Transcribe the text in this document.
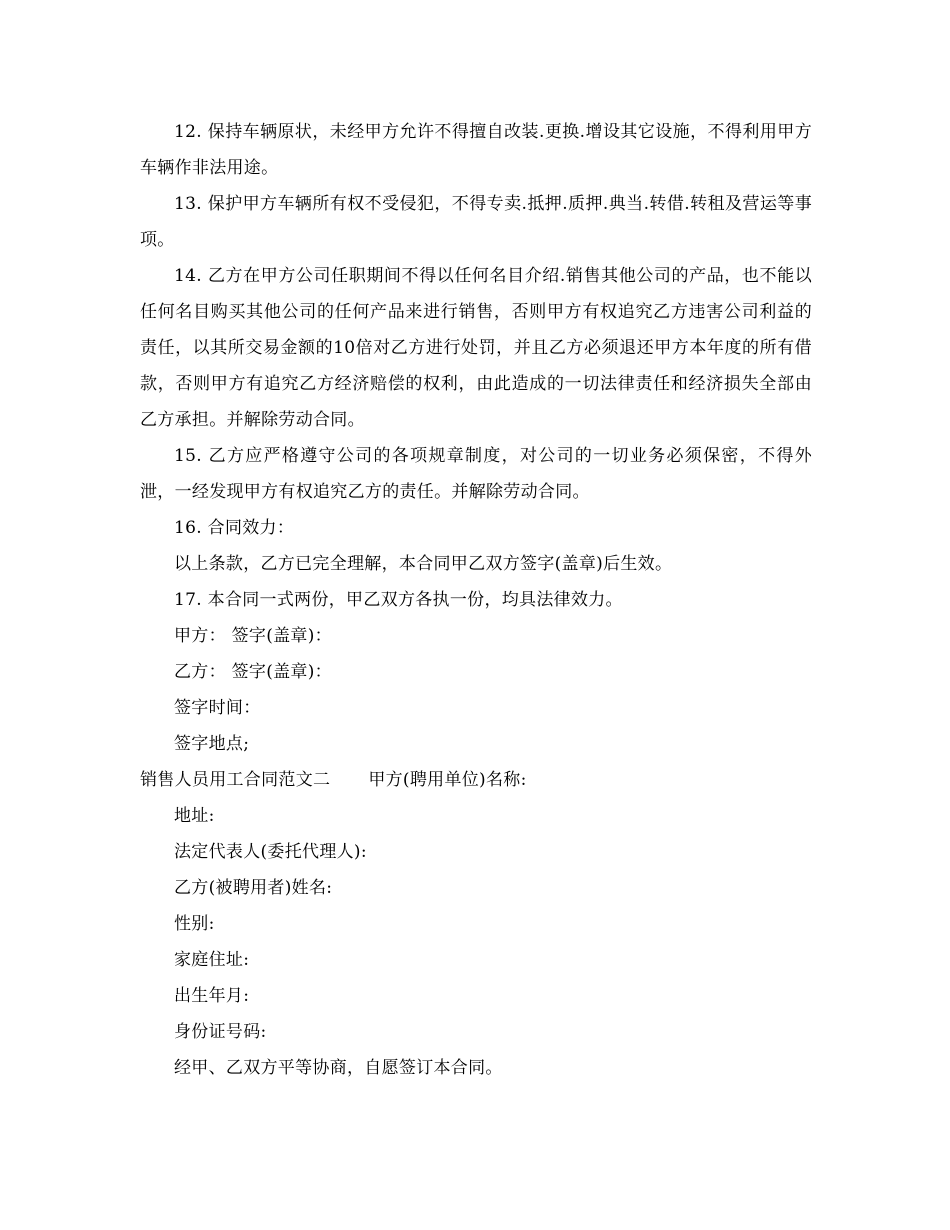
12. 保持车辆原状，未经甲方允许不得擅自改装.更换.增设其它设施，不得利用甲方车辆作非法用途。

13. 保护甲方车辆所有权不受侵犯，不得专卖.抵押.质押.典当.转借.转租及营运等事项。

14. 乙方在甲方公司任职期间不得以任何名目介绍.销售其他公司的产品，也不能以任何名目购买其他公司的任何产品来进行销售，否则甲方有权追究乙方违害公司利益的责任，以其所交易金额的10倍对乙方进行处罚，并且乙方必须退还甲方本年度的所有借款，否则甲方有追究乙方经济赔偿的权利，由此造成的一切法律责任和经济损失全部由乙方承担。并解除劳动合同。

15. 乙方应严格遵守公司的各项规章制度，对公司的一切业务必须保密，不得外泄，一经发现甲方有权追究乙方的责任。并解除劳动合同。

16. 合同效力：

以上条款，乙方已完全理解，本合同甲乙双方签字(盖章)后生效。

17. 本合同一式两份，甲乙双方各执一份，均具法律效力。

甲方： 签字(盖章)：

乙方： 签字(盖章)：

签字时间：

签字地点;

销售人员用工合同范文二 甲方(聘用单位)名称:

地址:

法定代表人(委托代理人):

乙方(被聘用者)姓名:

性别:

家庭住址:

出生年月:

身份证号码:

经甲、乙双方平等协商，自愿签订本合同。
